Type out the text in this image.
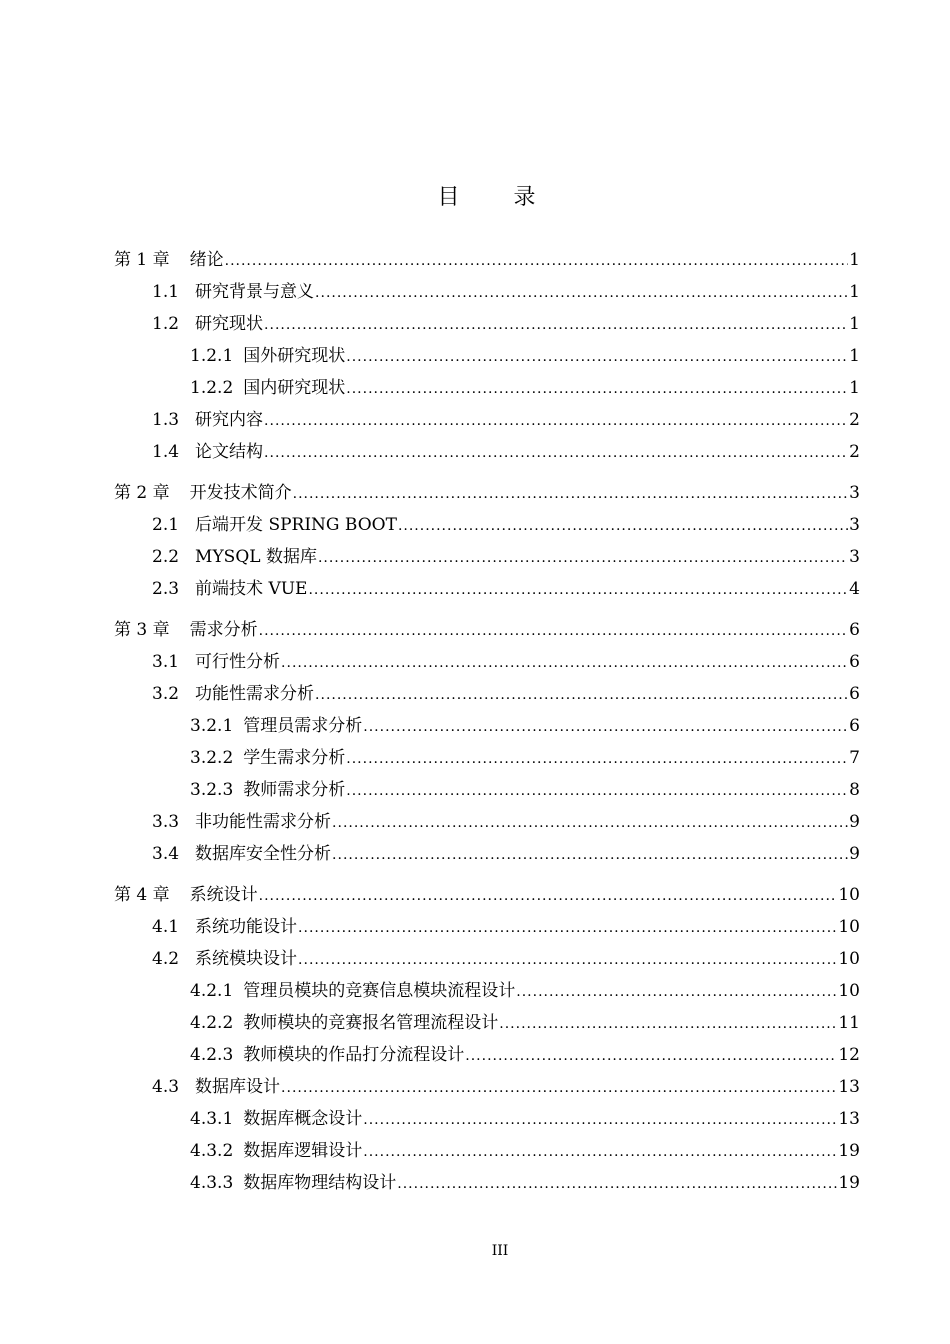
目 录
第 1 章 绪论 .....	1
1.1 研究背景与意义 .....	1
1.2 研究现状 .....	1
1.2.1 国外研究现状 .....	1
1.2.2 国内研究现状 .....	1
1.3 研究内容 .....	2
1.4 论文结构 .....	2
第 2 章 开发技术简介 .....	3
2.1 后端开发 SPRING BOOT .....	3
2.2 MYSQL 数据库 .....	3
2.3 前端技术 VUE .....	4
第 3 章 需求分析 .....	6
3.1 可行性分析 .....	6
3.2 功能性需求分析 .....	6
3.2.1 管理员需求分析 .....	6
3.2.2 学生需求分析 .....	7
3.2.3 教师需求分析 .....	8
3.3 非功能性需求分析 .....	9
3.4 数据库安全性分析 .....	9
第 4 章 系统设计 .....	10
4.1 系统功能设计 .....	10
4.2 系统模块设计 .....	10
4.2.1 管理员模块的竞赛信息模块流程设计 .....	10
4.2.2 教师模块的竞赛报名管理流程设计 .....	11
4.2.3 教师模块的作品打分流程设计 .....	12
4.3 数据库设计 .....	13
4.3.1 数据库概念设计 .....	13
4.3.2 数据库逻辑设计 .....	19
4.3.3 数据库物理结构设计 .....	19
III
